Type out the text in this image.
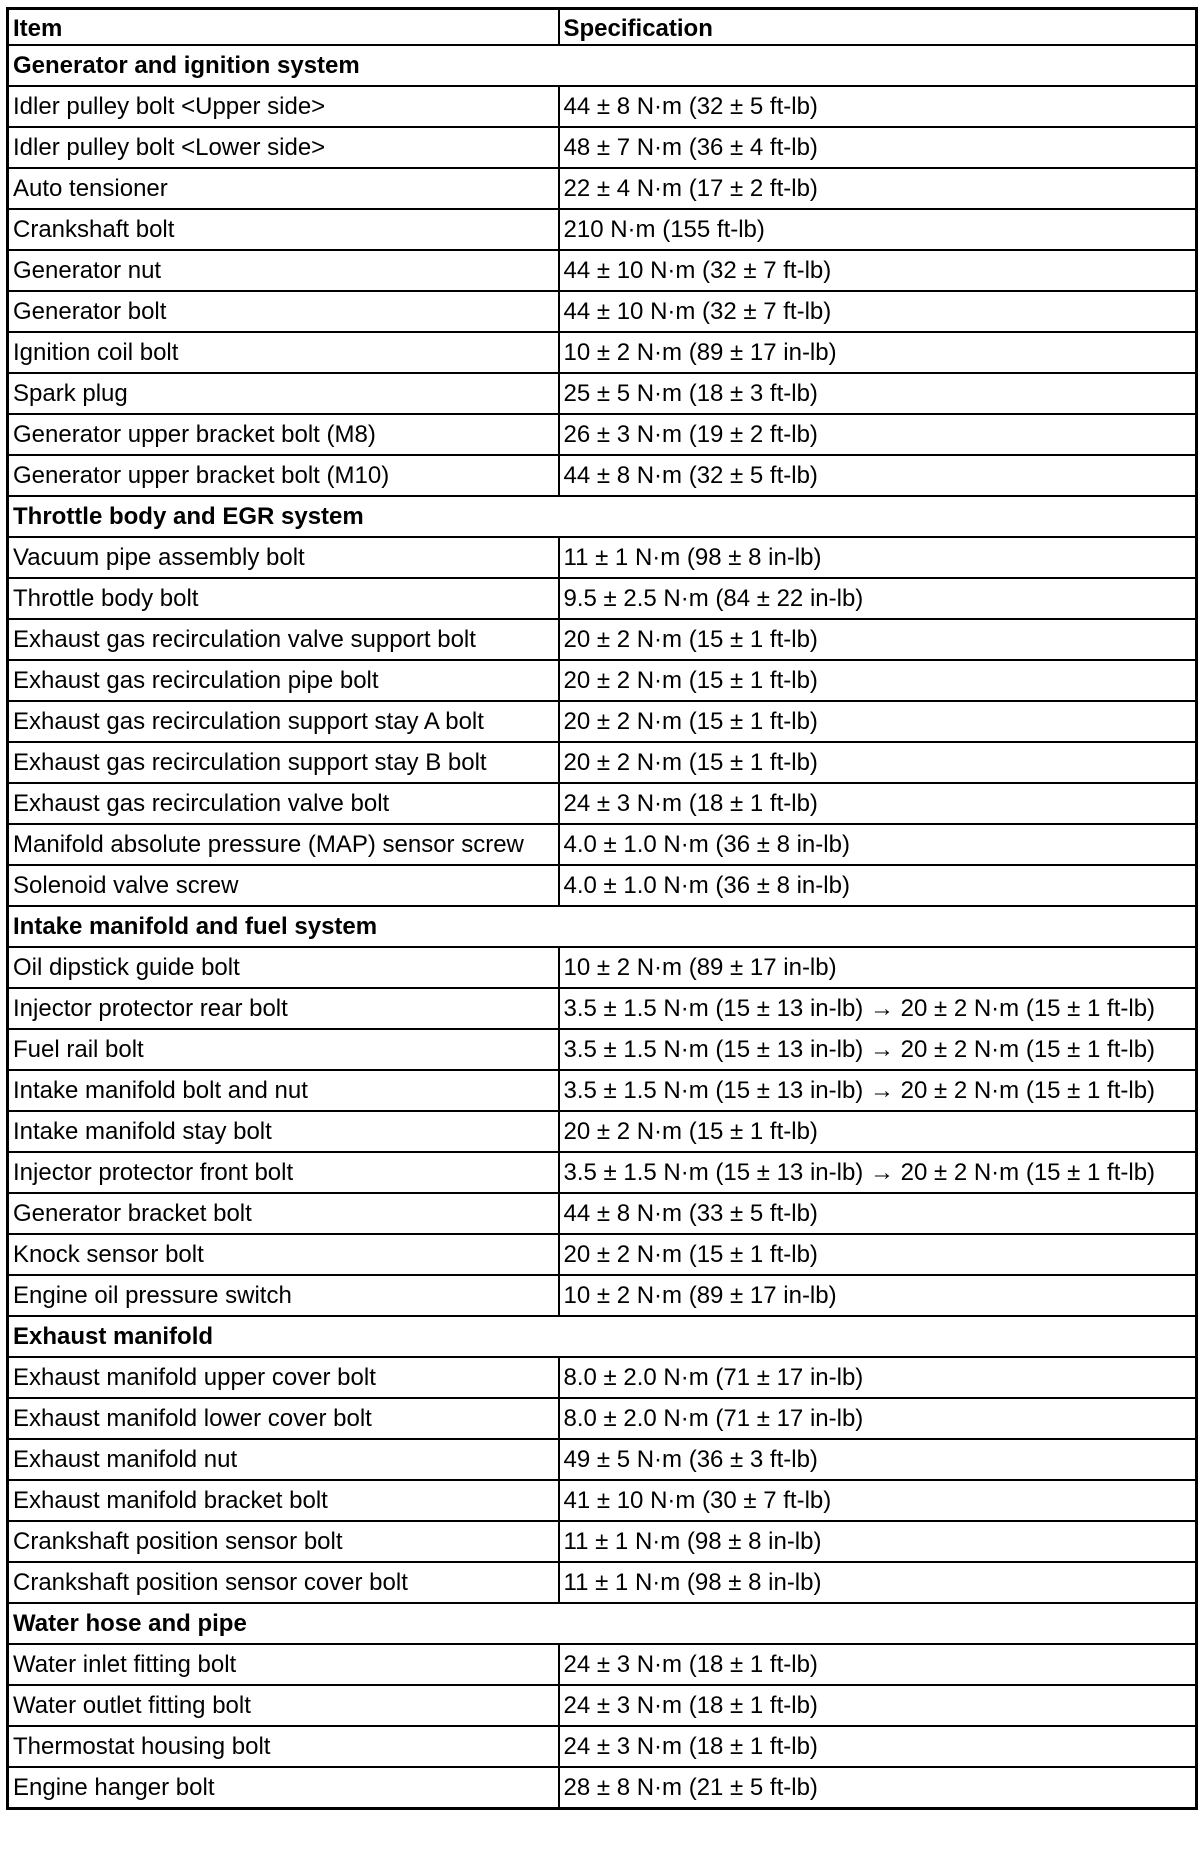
Item	Specification
Generator and ignition system	
Idler pulley bolt <Upper side>	44 ± 8 N·m (32 ± 5 ft-lb)
Idler pulley bolt <Lower side>	48 ± 7 N·m (36 ± 4 ft-lb)
Auto tensioner	22 ± 4 N·m (17 ± 2 ft-lb)
Crankshaft bolt	210 N·m (155 ft-lb)
Generator nut	44 ± 10 N·m (32 ± 7 ft-lb)
Generator bolt	44 ± 10 N·m (32 ± 7 ft-lb)
Ignition coil bolt	10 ± 2 N·m (89 ± 17 in-lb)
Spark plug	25 ± 5 N·m (18 ± 3 ft-lb)
Generator upper bracket bolt (M8)	26 ± 3 N·m (19 ± 2 ft-lb)
Generator upper bracket bolt (M10)	44 ± 8 N·m (32 ± 5 ft-lb)
Throttle body and EGR system	
Vacuum pipe assembly bolt	11 ± 1 N·m (98 ± 8 in-lb)
Throttle body bolt	9.5 ± 2.5 N·m (84 ± 22 in-lb)
Exhaust gas recirculation valve support bolt	20 ± 2 N·m (15 ± 1 ft-lb)
Exhaust gas recirculation pipe bolt	20 ± 2 N·m (15 ± 1 ft-lb)
Exhaust gas recirculation support stay A bolt	20 ± 2 N·m (15 ± 1 ft-lb)
Exhaust gas recirculation support stay B bolt	20 ± 2 N·m (15 ± 1 ft-lb)
Exhaust gas recirculation valve bolt	24 ± 3 N·m (18 ± 1 ft-lb)
Manifold absolute pressure (MAP) sensor screw	4.0 ± 1.0 N·m (36 ± 8 in-lb)
Solenoid valve screw	4.0 ± 1.0 N·m (36 ± 8 in-lb)
Intake manifold and fuel system	
Oil dipstick guide bolt	10 ± 2 N·m (89 ± 17 in-lb)
Injector protector rear bolt	3.5 ± 1.5 N·m (15 ± 13 in-lb) → 20 ± 2 N·m (15 ± 1 ft-lb)
Fuel rail bolt	3.5 ± 1.5 N·m (15 ± 13 in-lb) → 20 ± 2 N·m (15 ± 1 ft-lb)
Intake manifold bolt and nut	3.5 ± 1.5 N·m (15 ± 13 in-lb) → 20 ± 2 N·m (15 ± 1 ft-lb)
Intake manifold stay bolt	20 ± 2 N·m (15 ± 1 ft-lb)
Injector protector front bolt	3.5 ± 1.5 N·m (15 ± 13 in-lb) → 20 ± 2 N·m (15 ± 1 ft-lb)
Generator bracket bolt	44 ± 8 N·m (33 ± 5 ft-lb)
Knock sensor bolt	20 ± 2 N·m (15 ± 1 ft-lb)
Engine oil pressure switch	10 ± 2 N·m (89 ± 17 in-lb)
Exhaust manifold	
Exhaust manifold upper cover bolt	8.0 ± 2.0 N·m (71 ± 17 in-lb)
Exhaust manifold lower cover bolt	8.0 ± 2.0 N·m (71 ± 17 in-lb)
Exhaust manifold nut	49 ± 5 N·m (36 ± 3 ft-lb)
Exhaust manifold bracket bolt	41 ± 10 N·m (30 ± 7 ft-lb)
Crankshaft position sensor bolt	11 ± 1 N·m (98 ± 8 in-lb)
Crankshaft position sensor cover bolt	11 ± 1 N·m (98 ± 8 in-lb)
Water hose and pipe	
Water inlet fitting bolt	24 ± 3 N·m (18 ± 1 ft-lb)
Water outlet fitting bolt	24 ± 3 N·m (18 ± 1 ft-lb)
Thermostat housing bolt	24 ± 3 N·m (18 ± 1 ft-lb)
Engine hanger bolt	28 ± 8 N·m (21 ± 5 ft-lb)
